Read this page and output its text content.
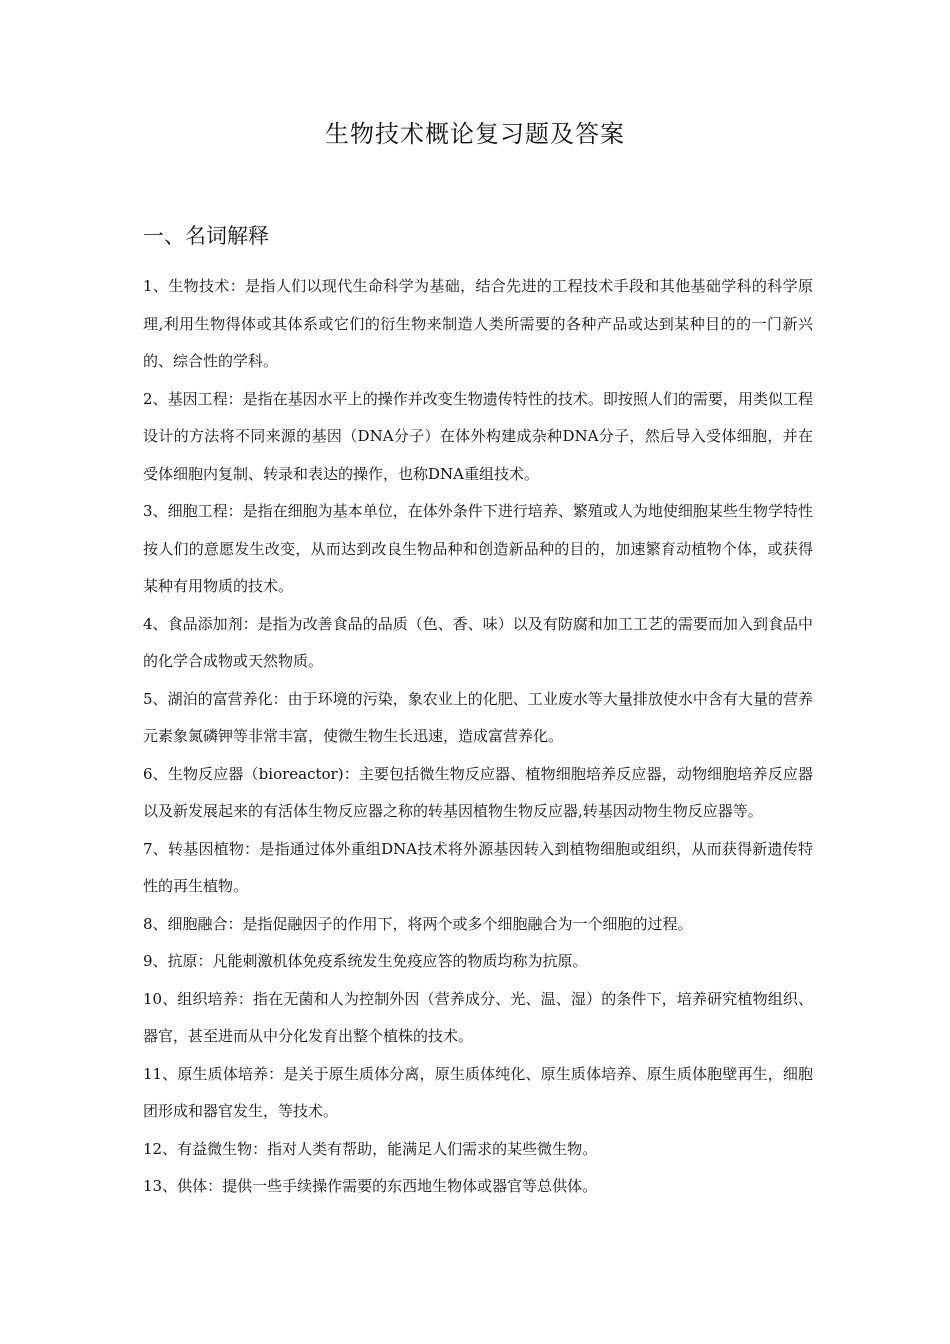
生物技术概论复习题及答案
一、名词解释
1、生物技术：是指人们以现代生命科学为基础，结合先进的工程技术手段和其他基础学科的科学原理,利用生物得体或其体系或它们的衍生物来制造人类所需要的各种产品或达到某种目的的一门新兴的、综合性的学科。
2、基因工程：是指在基因水平上的操作并改变生物遗传特性的技术。即按照人们的需要，用类似工程设计的方法将不同来源的基因（DNA分子）在体外构建成杂种DNA分子，然后导入受体细胞，并在受体细胞内复制、转录和表达的操作，也称DNA重组技术。
3、细胞工程：是指在细胞为基本单位，在体外条件下进行培养、繁殖或人为地使细胞某些生物学特性按人们的意愿发生改变，从而达到改良生物品种和创造新品种的目的，加速繁育动植物个体，或获得某种有用物质的技术。
4、食品添加剂：是指为改善食品的品质（色、香、味）以及有防腐和加工工艺的需要而加入到食品中的化学合成物或天然物质。
5、湖泊的富营养化：由于环境的污染，象农业上的化肥、工业废水等大量排放使水中含有大量的营养元素象氮磷钾等非常丰富，使微生物生长迅速，造成富营养化。
6、生物反应器（bioreactor)：主要包括微生物反应器、植物细胞培养反应器，动物细胞培养反应器以及新发展起来的有活体生物反应器之称的转基因植物生物反应器,转基因动物生物反应器等。
7、转基因植物：是指通过体外重组DNA技术将外源基因转入到植物细胞或组织，从而获得新遗传特性的再生植物。
8、细胞融合：是指促融因子的作用下，将两个或多个细胞融合为一个细胞的过程。
9、抗原：凡能刺激机体免疫系统发生免疫应答的物质均称为抗原。
10、组织培养：指在无菌和人为控制外因（营养成分、光、温、湿）的条件下，培养研究植物组织、器官，甚至进而从中分化发育出整个植株的技术。
11、原生质体培养：是关于原生质体分离，原生质体纯化、原生质体培养、原生质体胞壁再生，细胞团形成和器官发生，等技术。
12、有益微生物：指对人类有帮助，能满足人们需求的某些微生物。
13、供体：提供一些手续操作需要的东西地生物体或器官等总供体。
